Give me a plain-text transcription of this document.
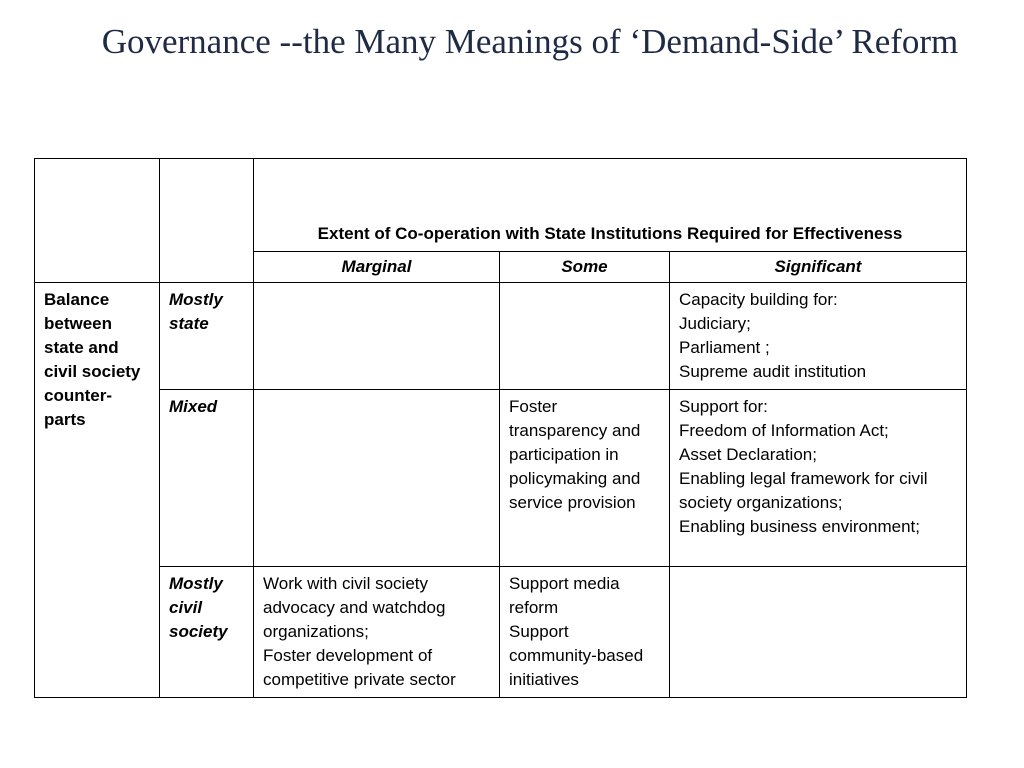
Governance --the Many Meanings of ‘Demand-Side’ Reform
		Extent of Co-operation with State Institutions Required for Effectiveness		
		Marginal	Some	Significant
Balance between state and civil society counter-parts	Mostly state			Capacity building for:
Judiciary;
Parliament ;
Supreme audit institution

	Mixed		Foster transparency and participation in policymaking and service provision	Support for:
Freedom of Information Act;
Asset Declaration;
Enabling legal framework for civil society organizations;
Enabling business environment;

	Mostly civil society	Work with civil society advocacy and watchdog organizations;
Foster development of competitive private sector	Support media reform
Support community-based initiatives	
